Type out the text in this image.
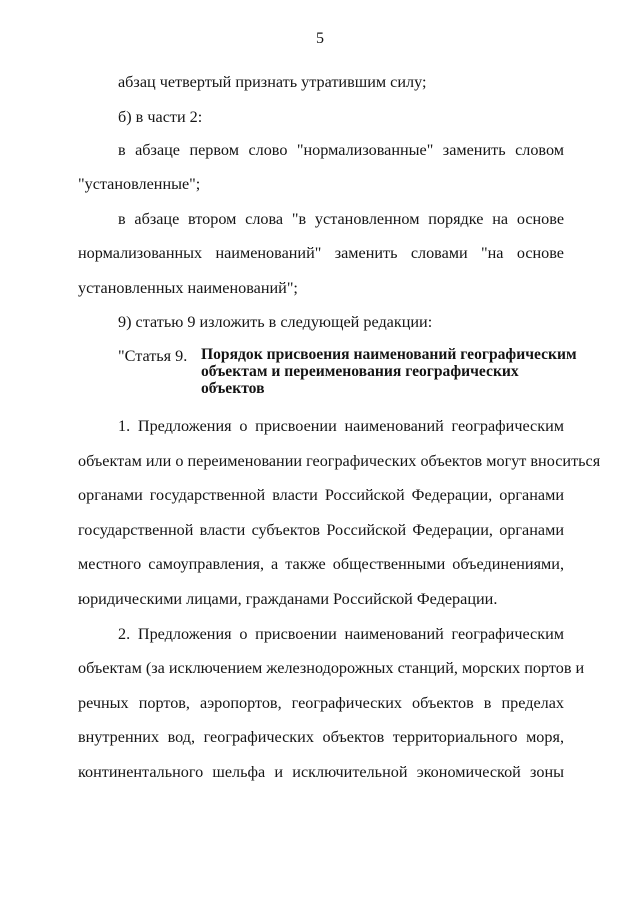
5
абзац четвертый признать утратившим силу;
б) в части 2:
в абзаце первом слово "нормализованные" заменить словом
"установленные";
в абзаце втором слова "в установленном порядке на основе
нормализованных наименований" заменить словами "на основе
установленных наименований";
9) статью 9 изложить в следующей редакции:
"Статья 9. Порядок присвоения наименований географическим
объектам и переименования географических
объектов
1. Предложения о присвоении наименований географическим
объектам или о переименовании географических объектов могут вноситься
органами государственной власти Российской Федерации, органами
государственной власти субъектов Российской Федерации, органами
местного самоуправления, а также общественными объединениями,
юридическими лицами, гражданами Российской Федерации.
2. Предложения о присвоении наименований географическим
объектам (за исключением железнодорожных станций, морских портов и
речных портов, аэропортов, географических объектов в пределах
внутренних вод, географических объектов территориального моря,
континентального шельфа и исключительной экономической зоны
